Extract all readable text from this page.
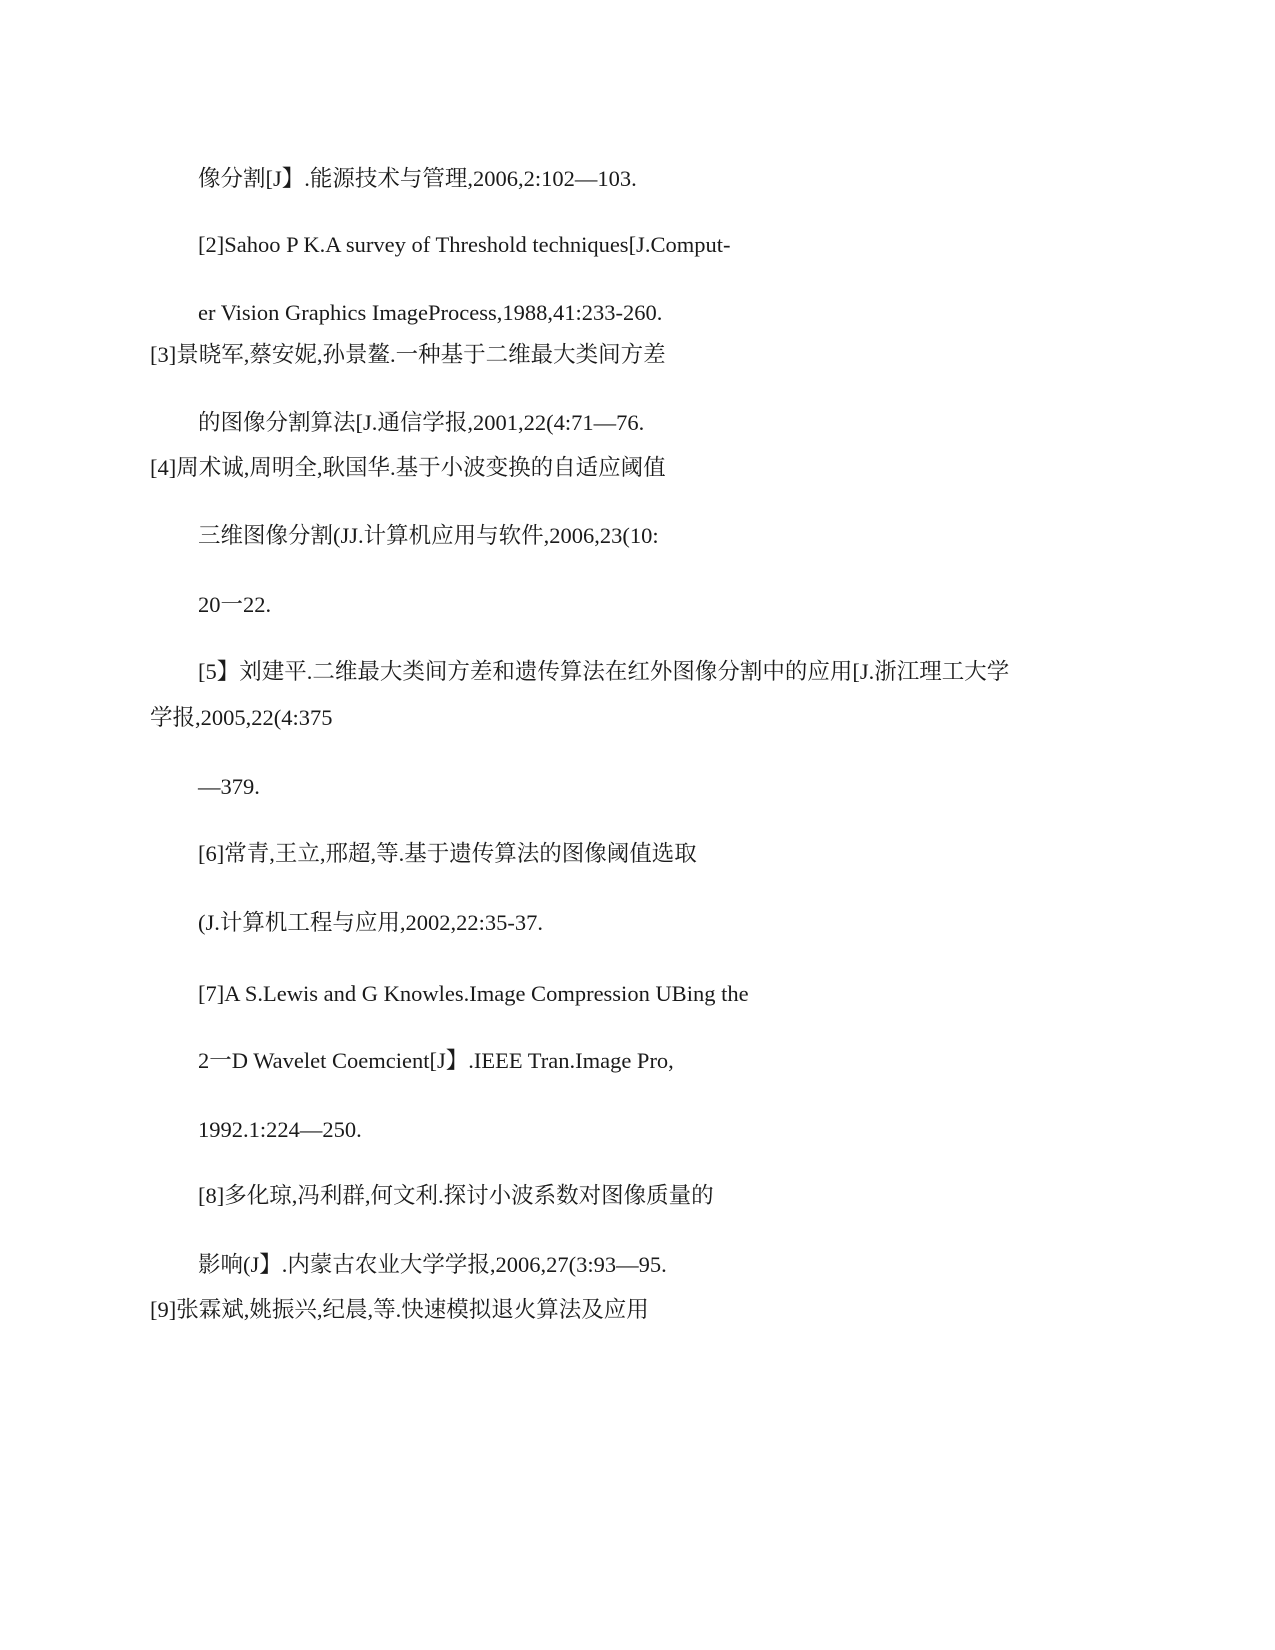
像分割[J】.能源技术与管理,2006,2:102—103.
[2]Sahoo P K.A survey of Threshold techniques[J.Comput-
er Vision Graphics ImageProcess,1988,41:233-260.
[3]景晓军,蔡安妮,孙景鳌.一种基于二维最大类间方差
的图像分割算法[J.通信学报,2001,22(4:71—76.
[4]周术诚,周明全,耿国华.基于小波变换的自适应阈值
三维图像分割(JJ.计算机应用与软件,2006,23(10:
20一22.
[5】刘建平.二维最大类间方差和遗传算法在红外图像分割中的应用[J.浙江理工大学
学报,2005,22(4:375
—379.
[6]常青,王立,邢超,等.基于遗传算法的图像阈值选取
(J.计算机工程与应用,2002,22:35-37.
[7]A S.Lewis and G Knowles.Image Compression UBing the
2一D Wavelet Coemcient[J】.IEEE Tran.Image Pro,
1992.1:224—250.
[8]多化琼,冯利群,何文利.探讨小波系数对图像质量的
影响(J】.内蒙古农业大学学报,2006,27(3:93—95.
[9]张霖斌,姚振兴,纪晨,等.快速模拟退火算法及应用
